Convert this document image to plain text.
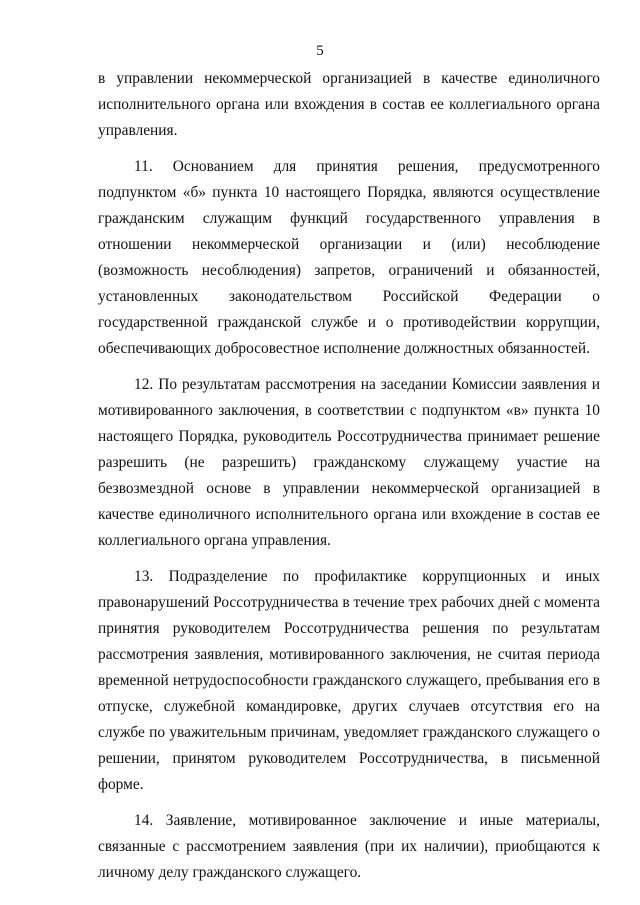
5

в управлении некоммерческой организацией в качестве единоличного исполнительного органа или вхождения в состав ее коллегиального органа управления.

11. Основанием для принятия решения, предусмотренного подпунктом «б» пункта 10 настоящего Порядка, являются осуществление гражданским служащим функций государственного управления в отношении некоммерческой организации и (или) несоблюдение (возможность несоблюдения) запретов, ограничений и обязанностей, установленных законодательством Российской Федерации о государственной гражданской службе и о противодействии коррупции, обеспечивающих добросовестное исполнение должностных обязанностей.

12. По результатам рассмотрения на заседании Комиссии заявления и мотивированного заключения, в соответствии с подпунктом «в» пункта 10 настоящего Порядка, руководитель Россотрудничества принимает решение разрешить (не разрешить) гражданскому служащему участие на безвозмездной основе в управлении некоммерческой организацией в качестве единоличного исполнительного органа или вхождение в состав ее коллегиального органа управления.

13. Подразделение по профилактике коррупционных и иных правонарушений Россотрудничества в течение трех рабочих дней с момента принятия руководителем Россотрудничества решения по результатам рассмотрения заявления, мотивированного заключения, не считая периода временной нетрудоспособности гражданского служащего, пребывания его в отпуске, служебной командировке, других случаев отсутствия его на службе по уважительным причинам, уведомляет гражданского служащего о решении, принятом руководителем Россотрудничества, в письменной форме.

14. Заявление, мотивированное заключение и иные материалы, связанные с рассмотрением заявления (при их наличии), приобщаются к личному делу гражданского служащего.
